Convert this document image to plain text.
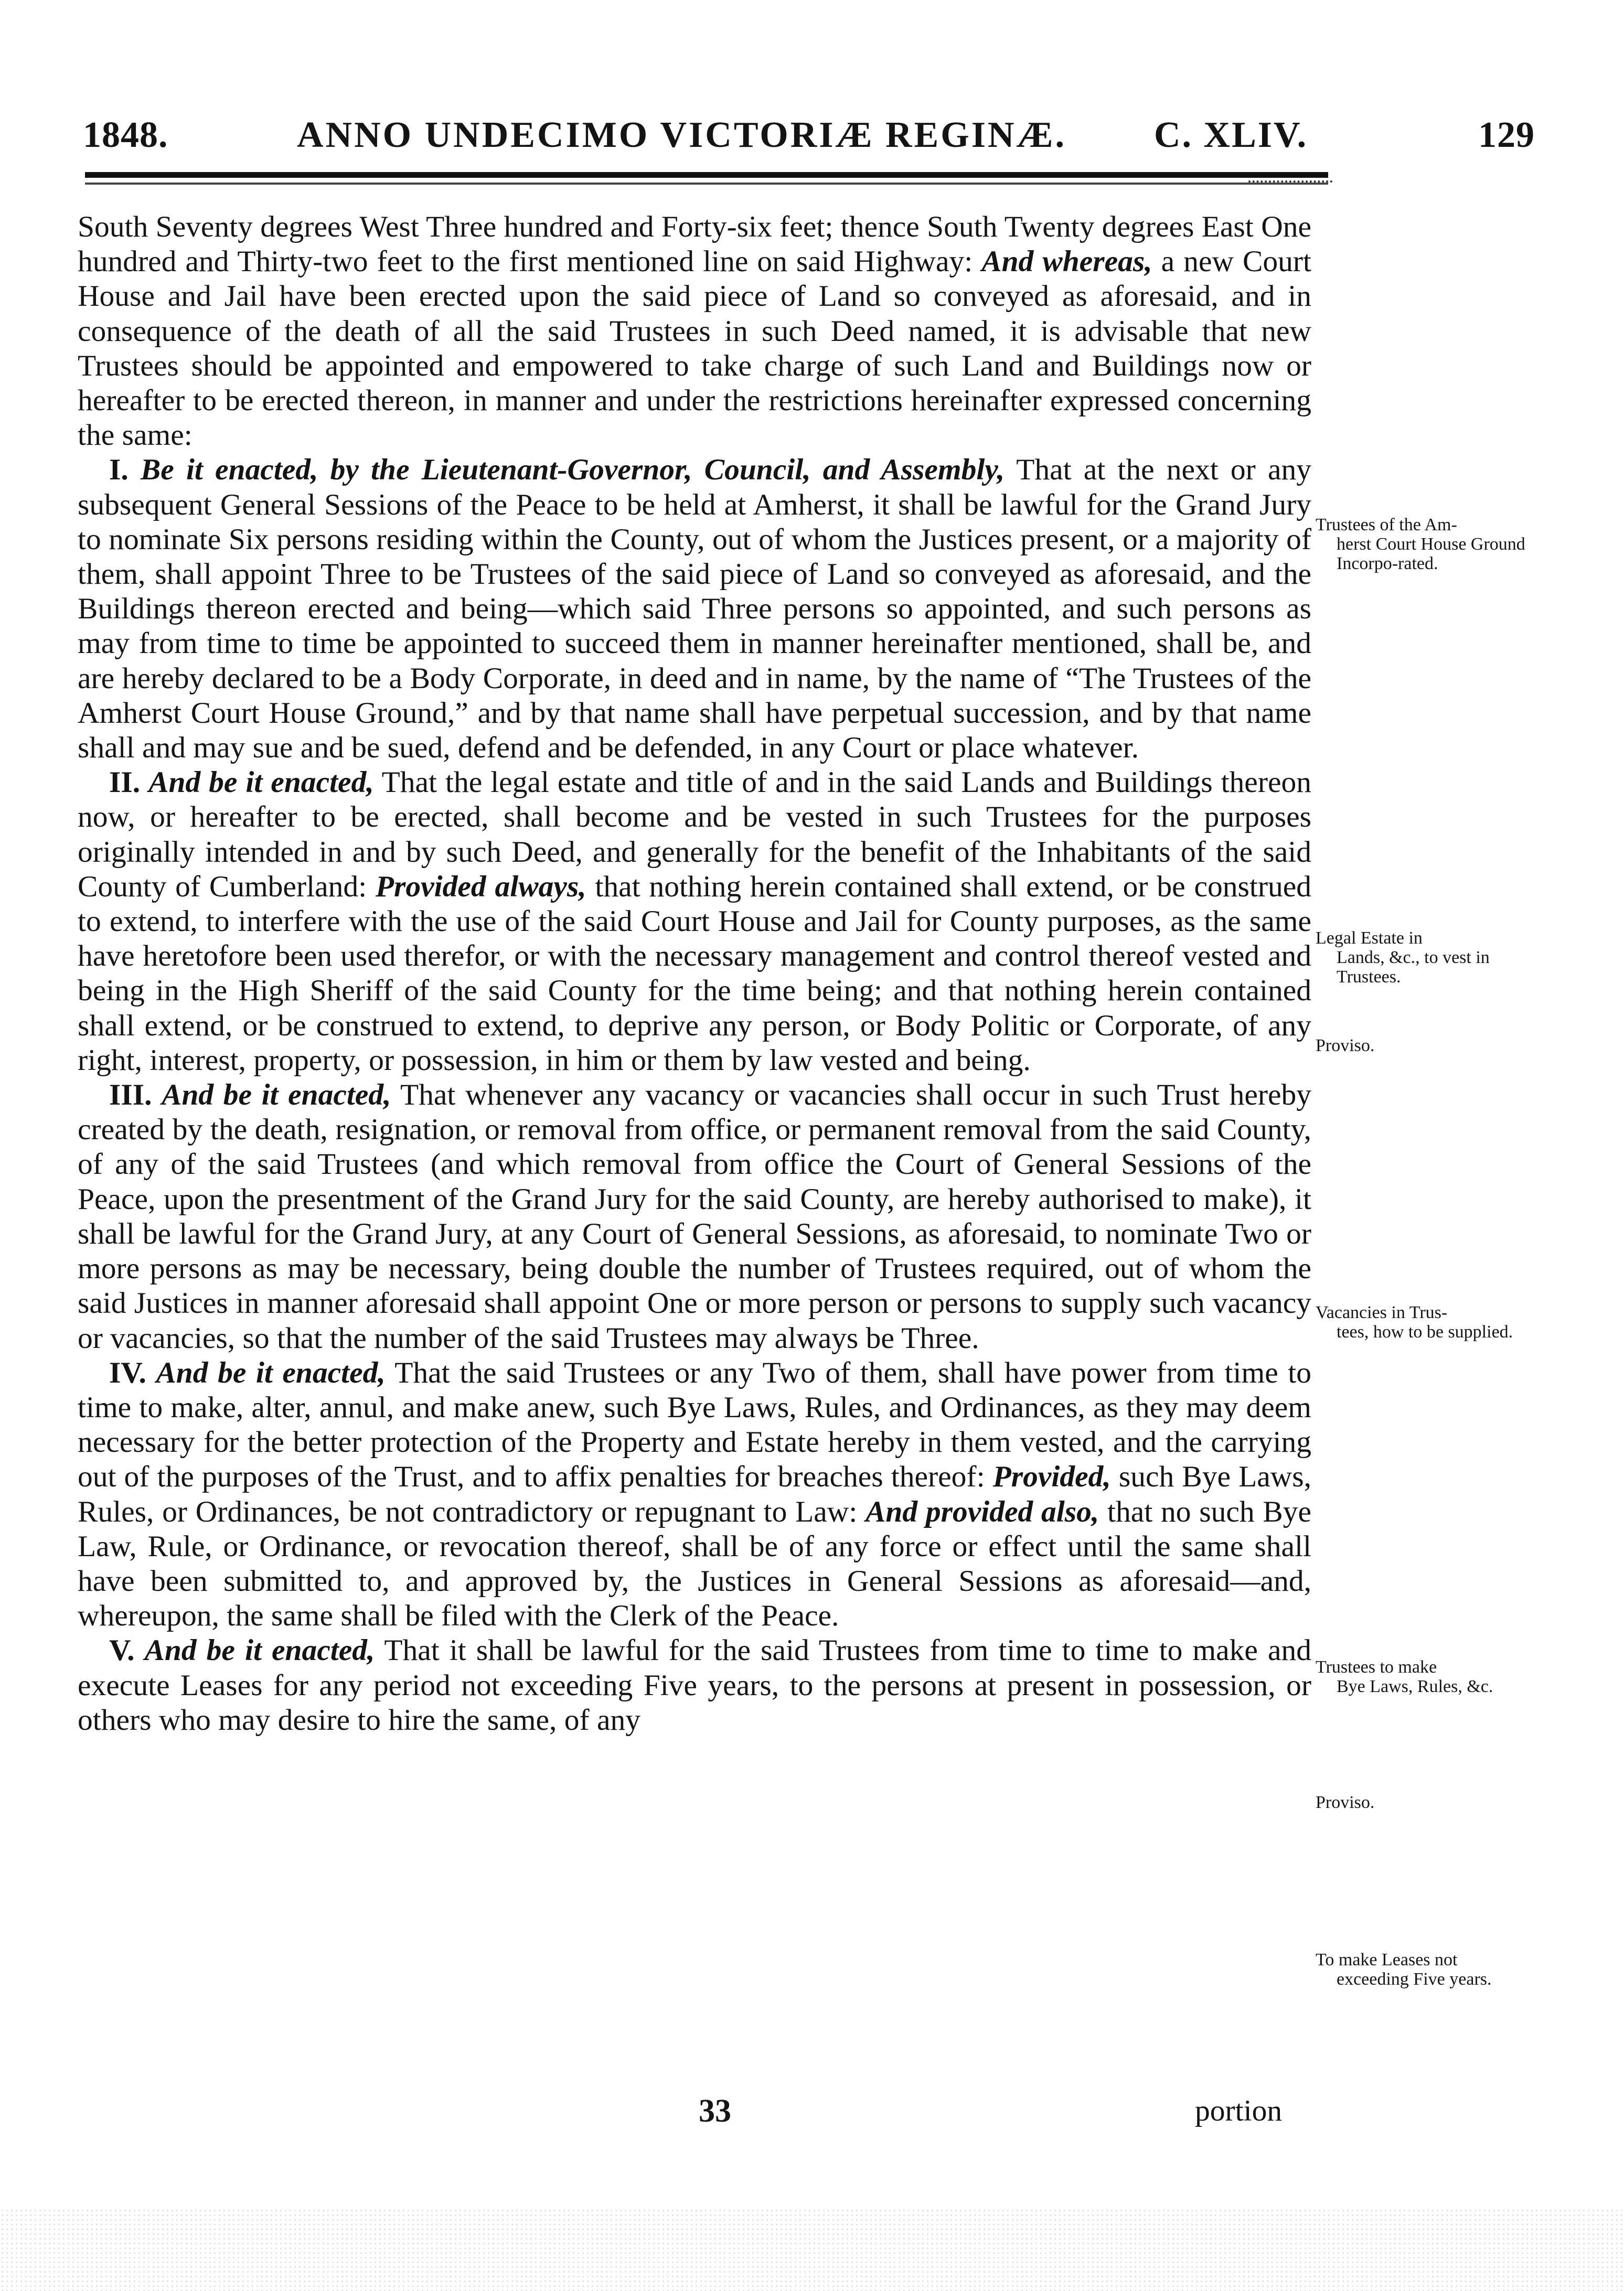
1848.	ANNO UNDECIMO VICTORIÆ REGINÆ. C. XLIV.	129

South Seventy degrees West Three hundred and Forty-six feet; thence South Twenty degrees East One hundred and Thirty-two feet to the first mentioned line on said Highway: And whereas, a new Court House and Jail have been erected upon the said piece of Land so conveyed as aforesaid, and in consequence of the death of all the said Trustees in such Deed named, it is advisable that new Trustees should be appointed and empowered to take charge of such Land and Buildings now or hereafter to be erected thereon, in manner and under the restrictions hereinafter expressed concerning the same:

I. Be it enacted, by the Lieutenant-Governor, Council, and Assembly, That at the next or any subsequent General Sessions of the Peace to be held at Amherst, it shall be lawful for the Grand Jury to nominate Six persons residing within the County, out of whom the Justices present, or a majority of them, shall appoint Three to be Trustees of the said piece of Land so conveyed as aforesaid, and the Buildings thereon erected and being—which said Three persons so appointed, and such persons as may from time to time be appointed to succeed them in manner hereinafter mentioned, shall be, and are hereby declared to be a Body Corporate, in deed and in name, by the name of “The Trustees of the Amherst Court House Ground,” and by that name shall have perpetual succession, and by that name shall and may sue and be sued, defend and be defended, in any Court or place whatever.

II. And be it enacted, That the legal estate and title of and in the said Lands and Buildings thereon now, or hereafter to be erected, shall become and be vested in such Trustees for the purposes originally intended in and by such Deed, and generally for the benefit of the Inhabitants of the said County of Cumberland: Provided always, that nothing herein contained shall extend, or be construed to extend, to interfere with the use of the said Court House and Jail for County purposes, as the same have heretofore been used therefor, or with the necessary management and control thereof vested and being in the High Sheriff of the said County for the time being; and that nothing herein contained shall extend, or be construed to extend, to deprive any person, or Body Politic or Corporate, of any right, interest, property, or possession, in him or them by law vested and being.

III. And be it enacted, That whenever any vacancy or vacancies shall occur in such Trust hereby created by the death, resignation, or removal from office, or permanent removal from the said County, of any of the said Trustees (and which removal from office the Court of General Sessions of the Peace, upon the presentment of the Grand Jury for the said County, are hereby authorised to make), it shall be lawful for the Grand Jury, at any Court of General Sessions, as aforesaid, to nominate Two or more persons as may be necessary, being double the number of Trustees required, out of whom the said Justices in manner aforesaid shall appoint One or more person or persons to supply such vacancy or vacancies, so that the number of the said Trustees may always be Three.

IV. And be it enacted, That the said Trustees or any Two of them, shall have power from time to time to make, alter, annul, and make anew, such Bye Laws, Rules, and Ordinances, as they may deem necessary for the better protection of the Property and Estate hereby in them vested, and the carrying out of the purposes of the Trust, and to affix penalties for breaches thereof: Provided, such Bye Laws, Rules, or Ordinances, be not contradictory or repugnant to Law: And provided also, that no such Bye Law, Rule, or Ordinance, or revocation thereof, shall be of any force or effect until the same shall have been submitted to, and approved by, the Justices in General Sessions as aforesaid—and, whereupon, the same shall be filed with the Clerk of the Peace.

V. And be it enacted, That it shall be lawful for the said Trustees from time to time to make and execute Leases for any period not exceeding Five years, to the persons at present in possession, or others who may desire to hire the same, of any

Trustees of the Am-
herst Court House Ground Incorpo-rated.
Legal Estate in
Lands, &c., to vest in Trustees.
Proviso.
Vacancies in Trus-
tees, how to be supplied.
Trustees to make
Bye Laws, Rules, &c.
Proviso.
To make Leases not
exceeding Five years.
33	portion
